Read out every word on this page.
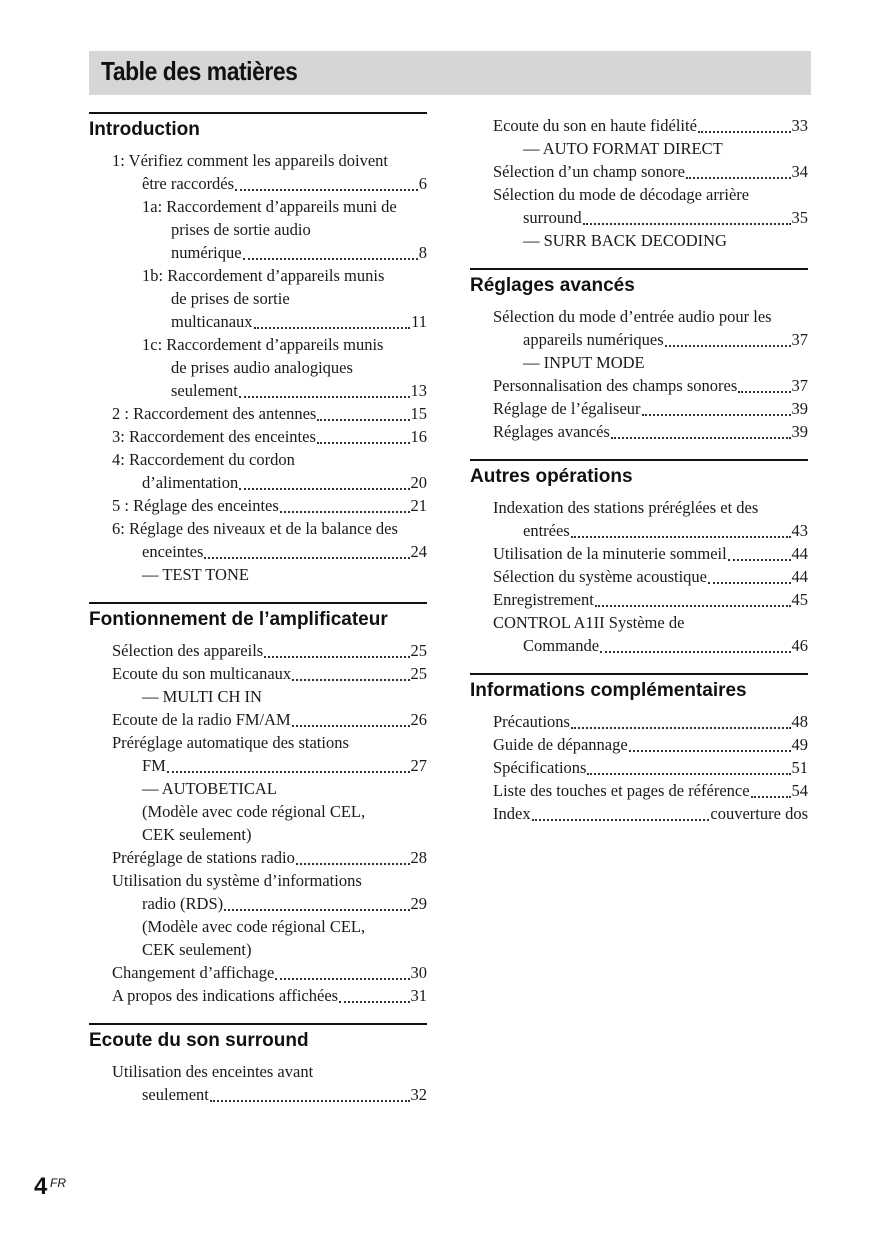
Table des matières
Introduction
1: Vérifiez comment les appareils doivent
être raccordés	6
1a: Raccordement d’appareils muni de
prises de sortie audio
numérique	8
1b: Raccordement d’appareils munis
de prises de sortie
multicanaux	11
1c: Raccordement d’appareils munis
de prises audio analogiques
seulement	13
2 : Raccordement des antennes	15
3: Raccordement des enceintes	16
4: Raccordement du cordon
d’alimentation	20
5 : Réglage des enceintes	21
6: Réglage des niveaux et de la balance des
enceintes	24
— TEST TONE
Fontionnement de l’amplificateur
Sélection des appareils	25
Ecoute du son multicanaux	25
— MULTI CH IN
Ecoute de la radio FM/AM	26
Préréglage automatique des stations
FM	27
— AUTOBETICAL
(Modèle avec code régional CEL,
CEK seulement)
Préréglage de stations radio	28
Utilisation du système d’informations
radio (RDS)	29
(Modèle avec code régional CEL,
CEK seulement)
Changement d’affichage	30
A propos des indications affichées	31
Ecoute du son surround
Utilisation des enceintes avant
seulement	32
Ecoute du son en haute fidélité	33
— AUTO FORMAT DIRECT
Sélection d’un champ sonore	34
Sélection du mode de décodage arrière
surround	35
— SURR BACK DECODING
Réglages avancés
Sélection du mode d’entrée audio pour les
appareils numériques	37
— INPUT MODE
Personnalisation des champs sonores	37
Réglage de l’égaliseur	39
Réglages avancés	39
Autres opérations
Indexation des stations préréglées et des
entrées	43
Utilisation de la minuterie sommeil	44
Sélection du système acoustique	44
Enregistrement	45
CONTROL A1II Système de
Commande	46
Informations complémentaires
Précautions	48
Guide de dépannage	49
Spécifications	51
Liste des touches et pages de référence	54
Index	couverture dos
4 FR
